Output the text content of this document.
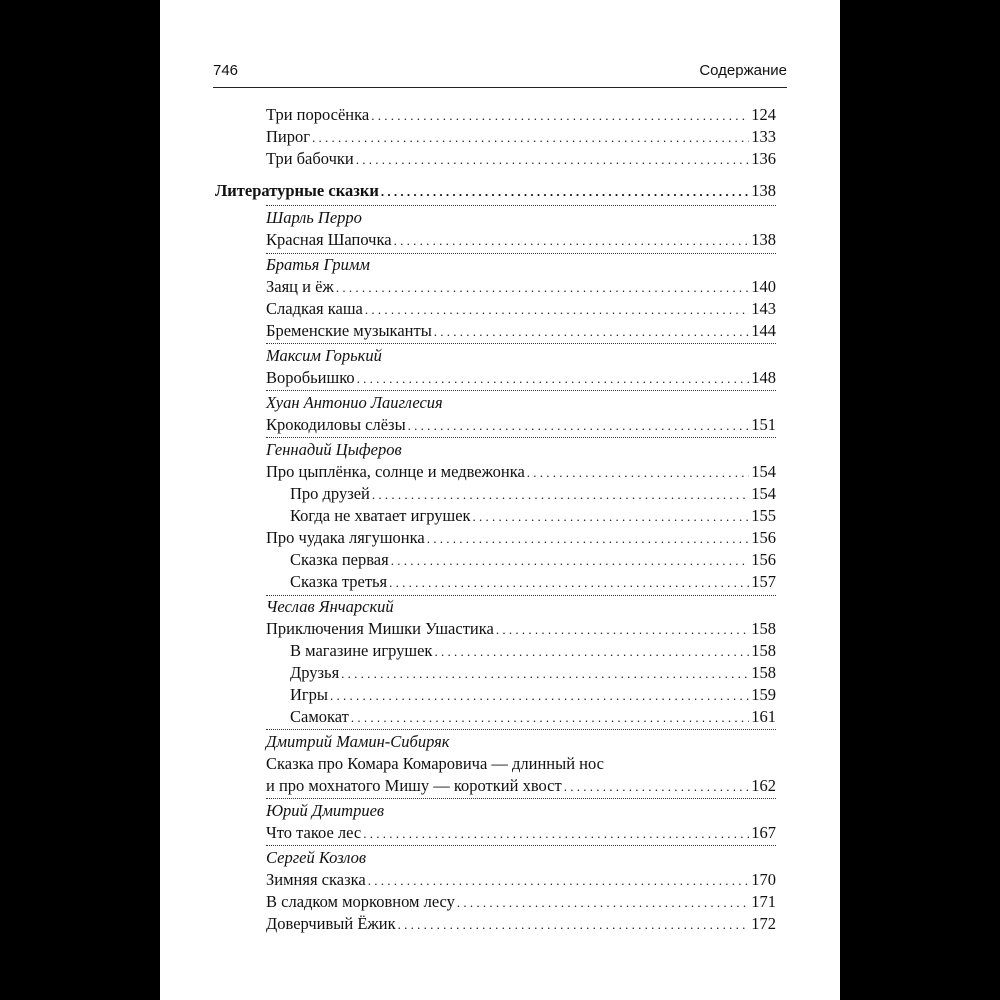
746	Содержание
Три поросёнка . . .	124
Пирог . . .	133
Три бабочки . . .	136
Литературные сказки . . .	138
Шарль Перро
Красная Шапочка . . .	138
Братья Гримм
Заяц и ёж . . .	140
Сладкая каша . . .	143
Бременские музыканты . . .	144
Максим Горький
Воробьишко . . .	148
Хуан Антонио Лаиглесия
Крокодиловы слёзы . . .	151
Геннадий Цыферов
Про цыплёнка, солнце и медвежонка . . .	154
Про друзей . . .	154
Когда не хватает игрушек . . .	155
Про чудака лягушонка . . .	156
Сказка первая . . .	156
Сказка третья . . .	157
Чеслав Янчарский
Приключения Мишки Ушастика . . .	158
В магазине игрушек . . .	158
Друзья . . .	158
Игры . . .	159
Самокат . . .	161
Дмитрий Мамин-Сибиряк
Сказка про Комара Комаровича — длинный нос
и про мохнатого Мишу — короткий хвост . . .	162
Юрий Дмитриев
Что такое лес . . .	167
Сергей Козлов
Зимняя сказка . . .	170
В сладком морковном лесу . . .	171
Доверчивый Ёжик . . .	172
